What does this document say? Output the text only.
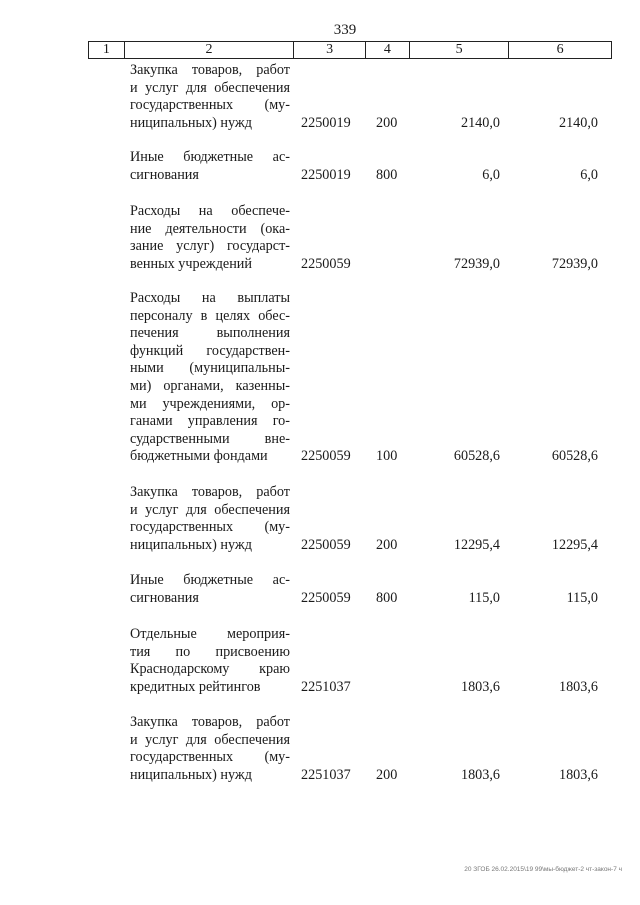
339
1	2	3	4	5	6
Закупка товаров, работ
и услуг для обеспечения
государственных (му-
ниципальных) нужд	2250019 200	2140,0	2140,0
Иные бюджетные ас-
сигнования	2250019 800	6,0	6,0
Расходы на обеспече-
ние деятельности (ока-
зание услуг) государст-
венных учреждений	2250059	72939,0	72939,0
Расходы на выплаты
персоналу в целях обес-
печения выполнения
функций государствен-
ными (муниципальны-
ми) органами, казенны-
ми учреждениями, ор-
ганами управления го-
сударственными вне-
бюджетными фондами	2250059 100	60528,6	60528,6
Закупка товаров, работ
и услуг для обеспечения
государственных (му-
ниципальных) нужд	2250059 200	12295,4	12295,4
Иные бюджетные ас-
сигнования	2250059 800	115,0	115,0
Отдельные мероприя-
тия по присвоению
Краснодарскому краю
кредитных рейтингов	2251037	1803,6	1803,6
Закупка товаров, работ
и услуг для обеспечения
государственных (му-
ниципальных) нужд	2251037 200	1803,6	1803,6
20 ЗГОБ 26.02.2015\19 99\мы-бюджет-2 чт-закон-7 ч
